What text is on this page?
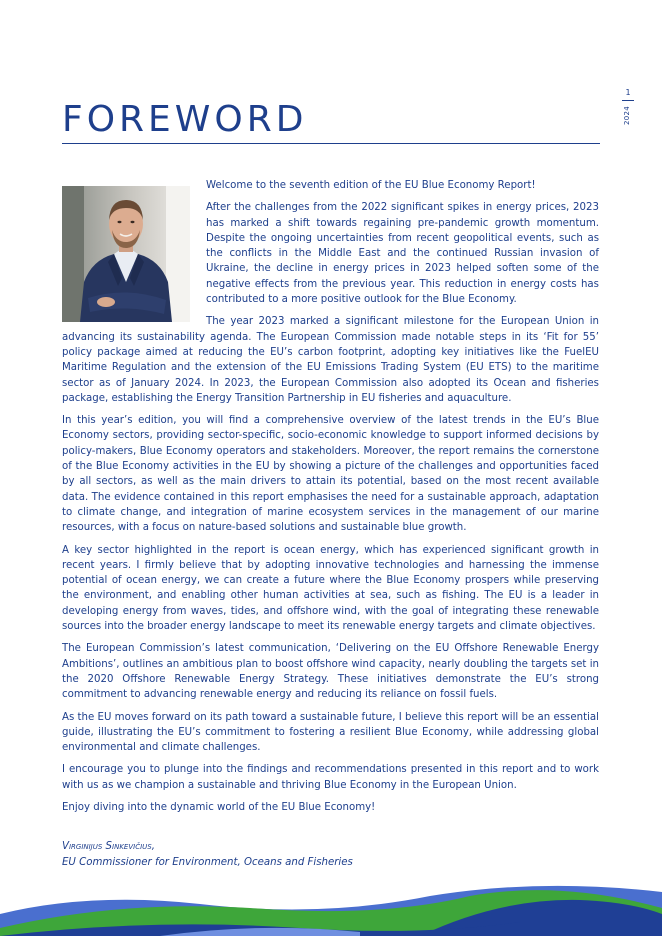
1
2024
FOREWORD

Welcome to the seventh edition of the EU Blue Economy Report!

After the challenges from the 2022 significant spikes in energy prices, 2023 has marked a shift towards regaining pre-pandemic growth momentum. Despite the ongoing uncertainties from recent geopolitical events, such as the conflicts in the Middle East and the continued Russian invasion of Ukraine, the decline in energy prices in 2023 helped soften some of the negative effects from the previous year. This reduction in energy costs has contributed to a more positive outlook for the Blue Economy.

The year 2023 marked a significant milestone for the European Union in advancing its sustainability agenda. The European Commission made notable steps in its ‘Fit for 55’ policy package aimed at reducing the EU’s carbon footprint, adopting key initiatives like the FuelEU Maritime Regulation and the extension of the EU Emissions Trading System (EU ETS) to the maritime sector as of January 2024. In 2023, the European Commission also adopted its Ocean and fisheries package, establishing the Energy Transition Partnership in EU fisheries and aquaculture.

In this year’s edition, you will find a comprehensive overview of the latest trends in the EU’s Blue Economy sectors, providing sector-specific, socio-economic knowledge to support informed decisions by policy-makers, Blue Economy operators and stakeholders. Moreover, the report remains the cornerstone of the Blue Economy activities in the EU by showing a picture of the challenges and opportunities faced by all sectors, as well as the main drivers to attain its potential, based on the most recent available data. The evidence contained in this report emphasises the need for a sustainable approach, adaptation to climate change, and integration of marine ecosystem services in the management of our marine resources, with a focus on nature-based solutions and sustainable blue growth.

A key sector highlighted in the report is ocean energy, which has experienced significant growth in recent years. I firmly believe that by adopting innovative technologies and harnessing the immense potential of ocean energy, we can create a future where the Blue Economy prospers while preserving the environment, and enabling other human activities at sea, such as fishing. The EU is a leader in developing energy from waves, tides, and offshore wind, with the goal of integrating these renewable sources into the broader energy landscape to meet its renewable energy targets and climate objectives.

The European Commission’s latest communication, ‘Delivering on the EU Offshore Renewable Energy Ambitions’, outlines an ambitious plan to boost offshore wind capacity, nearly doubling the targets set in the 2020 Offshore Renewable Energy Strategy. These initiatives demonstrate the EU’s strong commitment to advancing renewable energy and reducing its reliance on fossil fuels.

As the EU moves forward on its path toward a sustainable future, I believe this report will be an essential guide, illustrating the EU’s commitment to fostering a resilient Blue Economy, while addressing global environmental and climate challenges.

I encourage you to plunge into the findings and recommendations presented in this report and to work with us as we champion a sustainable and thriving Blue Economy in the European Union.

Enjoy diving into the dynamic world of the EU Blue Economy!

Virginijus Sinkevičius,
EU Commissioner for Environment, Oceans and Fisheries
